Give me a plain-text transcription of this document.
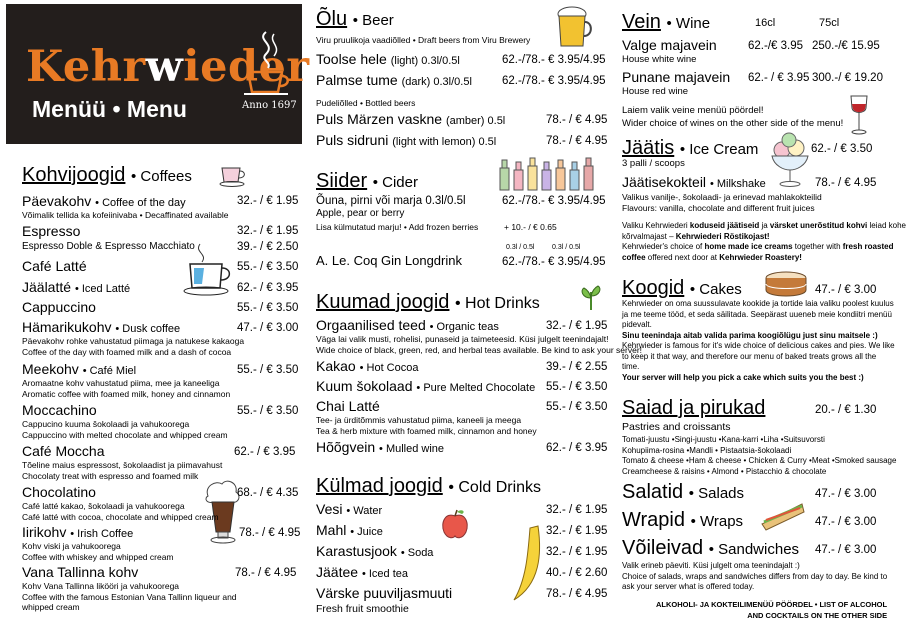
Kehrwieder
Menüü • Menu	Anno 1697
Kohvijoogid • Coffees
Päevakohv • Coffee of the day	32.- / € 1.95
Võimalik tellida ka kofeiinivaba • Decaffinated available
Espresso	32.- / € 1.95
Espresso Doble & Espresso Macchiato	39.- / € 2.50
Café Latté	55.- / € 3.50
Jäälatté • Iced Latté	62.- / € 3.95
Cappuccino	55.- / € 3.50
Hämarikukohv • Dusk coffee	47.- / € 3.00
Päevakohv rohke vahustatud piimaga ja natukese kakaoga
Coffee of the day with foamed milk and a dash of cocoa
Meekohv • Café Miel	55.- / € 3.50
Aromaatne kohv vahustatud piima, mee ja kaneeliga
Aromatic coffee with foamed milk, honey and cinnamon
Moccachino	55.- / € 3.50
Cappucino kuuma šokolaadi ja vahukoorega
Cappuccino with melted chocolate and whipped cream
Café Moccha	62.- / € 3.95
Tõeline maius espressost, šokolaadist ja piimavahust
Chocolaty treat with espresso and foamed milk
Chocolatino	68.- / € 4.35
Café latté kakao, šokolaadi ja vahukoorega
Café latté with cocoa, chocolate and whipped cream
Iirikohv • Irish Coffee	78.- / € 4.95
Kohv viski ja vahukoorega
Coffee with whiskey and whipped cream
Vana Tallinna kohv	78.- / € 4.95
Kohv Vana Tallinna likööri ja vahukoorega
Coffee with the famous Estonian Vana Tallinn liqueur and
whipped cream
Õlu • Beer
Viru pruulikoja vaadiõlled • Draft beers from Viru Brewery
Toolse hele (light) 0.3l/0.5l	62.-/78.- € 3.95/4.95
Palmse tume (dark) 0.3l/0.5l	62.-/78.- € 3.95/4.95
Pudeliõlled • Bottled beers
Puls Märzen vaskne (amber) 0.5l	78.- / € 4.95
Puls sidruni (light with lemon) 0.5l	78.- / € 4.95
Siider • Cider
Õuna, pirni või marja 0.3l/0.5l	62.-/78.- € 3.95/4.95
Apple, pear or berry
Lisa külmutatud marju! • Add frozen berries	+ 10.- / € 0.65
0.3l / 0.5l	0.3l / 0.5l
A. Le. Coq Gin Longdrink	62.-/78.- € 3.95/4.95
Kuumad joogid • Hot Drinks
Orgaanilised teed • Organic teas	32.- / € 1.95
Väga lai valik musti, rohelisi, punaseid ja taimeteesid. Küsi julgelt teenindajalt!
Wide choice of black, green, red, and herbal teas available. Be kind to ask your server!
Kakao • Hot Cocoa	39.- / € 2.55
Kuum šokolaad • Pure Melted Chocolate 55.- / € 3.50
Chai Latté	55.- / € 3.50
Tee- ja ürditõmmis vahustatud piima, kaneeli ja meega
Tea & herb mixture with foamed milk, cinnamon and honey
Hõõgvein • Mulled wine	62.- / € 3.95
Külmad joogid • Cold Drinks
Vesi • Water	32.- / € 1.95
Mahl • Juice	32.- / € 1.95
Karastusjook • Soda	32.- / € 1.95
Jäätee • Iced tea	40.- / € 2.60
Värske puuviljasmuuti	78.- / € 4.95
Fresh fruit smoothie
Vein • Wine	16cl	75cl
Valge majavein	62.-/€ 3.95 250.-/€ 15.95
House white wine
Punane majavein 62.- / € 3.95 300.-/ € 19.20
House red wine
Laiem valik veine menüü pöördel!
Wider choice of wines on the other side of the menu!
Jäätis • Ice Cream	62.- / € 3.50
3 palli / scoops
Jäätisekokteil • Milkshake	78.- / € 4.95
Valikus vanilje-, šokolaadi- ja erinevad mahlakokteilid
Flavours: vanilla, chocolate and different fruit juices
Valiku Kehrwiederi koduseid jäätiseid ja värsket unerõstitud kohvi leiad kohe
kõrvalmajast – Kehrwiederi Röstikojast!
Kehrwieder's choice of home made ice creams together with fresh roasted
coffee offered next door at Kehrwieder Roastery!
Koogid • Cakes	47.- / € 3.00
Kehrwieder on oma suussulavate kookide ja tortide laia valiku poolest kuulus
ja me teeme tööd, et seda säilitada. Seepärast uueneb meie kondiitri menüü
pidevalt.
Sinu teenindaja aitab valida parima koogiõlügu just sinu maitsele :)
Kehrwieder is famous for it's wide choice of delicious cakes and pies. We like
to keep it that way, and therefore our menu of baked treats grows all the
time.
Your server will help you pick a cake which suits you the best :)
Saiad ja pirukad	20.- / € 1.30
Pastries and croissants
Tomati-juustu •Singi-juustu •Kana-karri •Liha •Suitsuvorsti
Kohupiima-rosina •Mandli • Pistaatsia-šokolaadi
Tomato & cheese •Ham & cheese • Chicken & Curry •Meat •Smoked sausage
Creamcheese & raisins • Almond • Pistacchio & chocolate
Salatid • Salads	47.- / € 3.00
Wrapid • Wraps	47.- / € 3.00
Võileivad • Sandwiches 47.- / € 3.00
Valik erineb päeviti. Küsi julgelt oma teenindajalt :)
Choice of salads, wraps and sandwiches differs from day to day. Be kind to
ask your server what is offered today.
ALKOHOLI- JA KOKTEILIMENÜÜ PÖÖRDEL • LIST OF ALCOHOL
AND COCKTAILS ON THE OTHER SIDE
